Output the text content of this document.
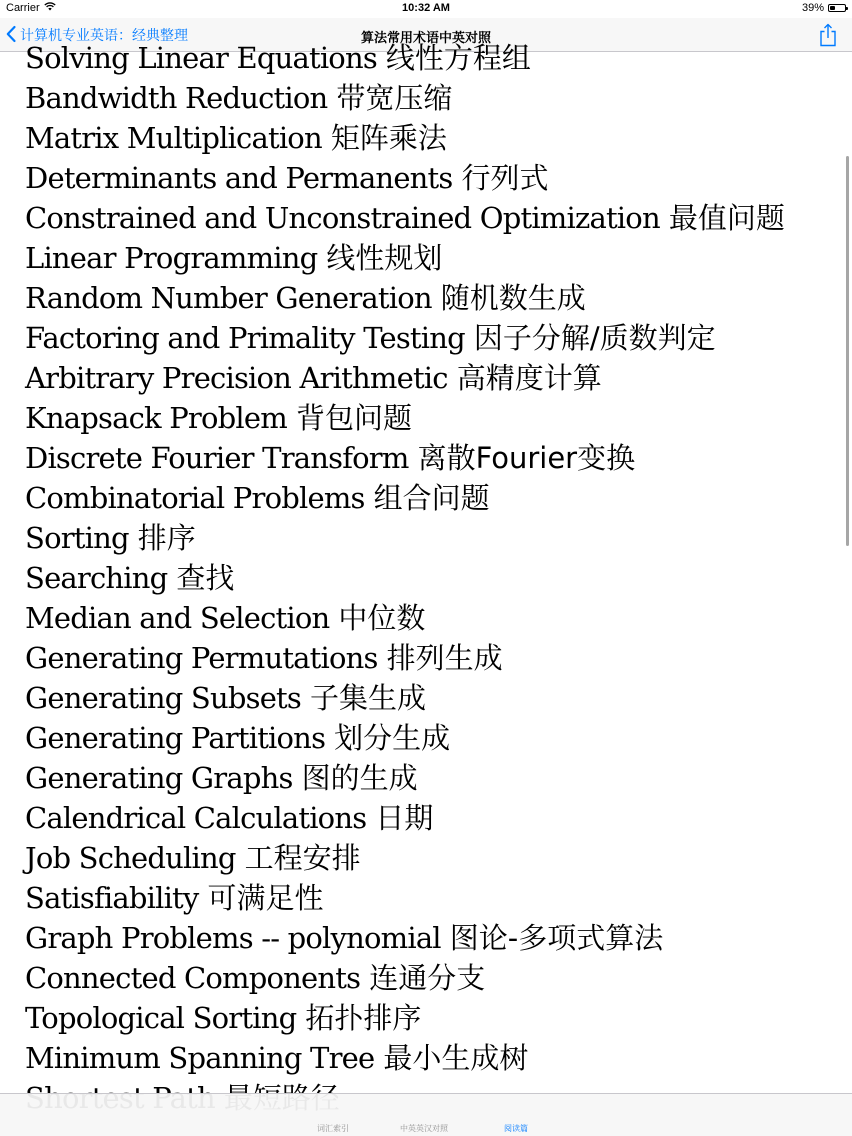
Carrier	10:32 AM	39%
计算机专业英语：经典整理	算法常用术语中英对照
Solving Linear Equations 线性方程组
Bandwidth Reduction 带宽压缩
Matrix Multiplication 矩阵乘法
Determinants and Permanents 行列式
Constrained and Unconstrained Optimization 最值问题
Linear Programming 线性规划
Random Number Generation 随机数生成
Factoring and Primality Testing 因子分解/质数判定
Arbitrary Precision Arithmetic 高精度计算
Knapsack Problem 背包问题
Discrete Fourier Transform 离散Fourier变换
Combinatorial Problems 组合问题
Sorting 排序
Searching 查找
Median and Selection 中位数
Generating Permutations 排列生成
Generating Subsets 子集生成
Generating Partitions 划分生成
Generating Graphs 图的生成
Calendrical Calculations 日期
Job Scheduling 工程安排
Satisfiability 可满足性
Graph Problems -- polynomial 图论-多项式算法
Connected Components 连通分支
Topological Sorting 拓扑排序
Minimum Spanning Tree 最小生成树
词汇索引	中英英汉对照	阅读篇
